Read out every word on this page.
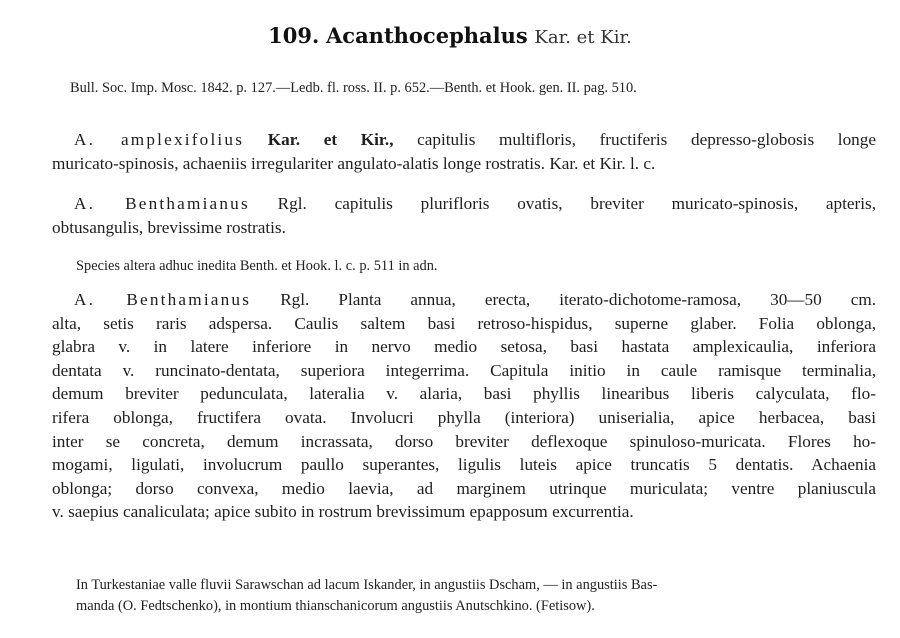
109. Acanthocephalus Kar. et Kir.
Bull. Soc. Imp. Mosc. 1842. p. 127.—Ledb. fl. ross. II. p. 652.—Benth. et Hook. gen. II. pag. 510.
A. amplexifolius Kar. et Kir., capitulis multifloris, fructiferis depresso-globosis longe
muricato-spinosis, achaeniis irregulariter angulato-alatis longe rostratis. Kar. et Kir. l. c.
A. Benthamianus Rgl. capitulis plurifloris ovatis, breviter muricato-spinosis, apteris,
obtusangulis, brevissime rostratis.
Species altera adhuc inedita Benth. et Hook. l. c. p. 511 in adn.
A. Benthamianus Rgl. Planta annua, erecta, iterato-dichotome-ramosa, 30—50 cm.
alta, setis raris adspersa. Caulis saltem basi retroso-hispidus, superne glaber. Folia oblonga,
glabra v. in latere inferiore in nervo medio setosa, basi hastata amplexicaulia, inferiora
dentata v. runcinato-dentata, superiora integerrima. Capitula initio in caule ramisque terminalia,
demum breviter pedunculata, lateralia v. alaria, basi phyllis linearibus liberis calyculata, flo-
rifera oblonga, fructifera ovata. Involucri phylla (interiora) uniserialia, apice herbacea, basi
inter se concreta, demum incrassata, dorso breviter deflexoque spinuloso-muricata. Flores ho-
mogami, ligulati, involucrum paullo superantes, ligulis luteis apice truncatis 5 dentatis. Achaenia
oblonga; dorso convexa, medio laevia, ad marginem utrinque muriculata; ventre planiuscula
v. saepius canaliculata; apice subito in rostrum brevissimum epapposum excurrentia.
In Turkestaniae valle fluvii Sarawschan ad lacum Iskander, in angustiis Dscham, — in angustiis Bas-
manda (O. Fedtschenko), in montium thianschanicorum angustiis Anutschkino. (Fetisow).
